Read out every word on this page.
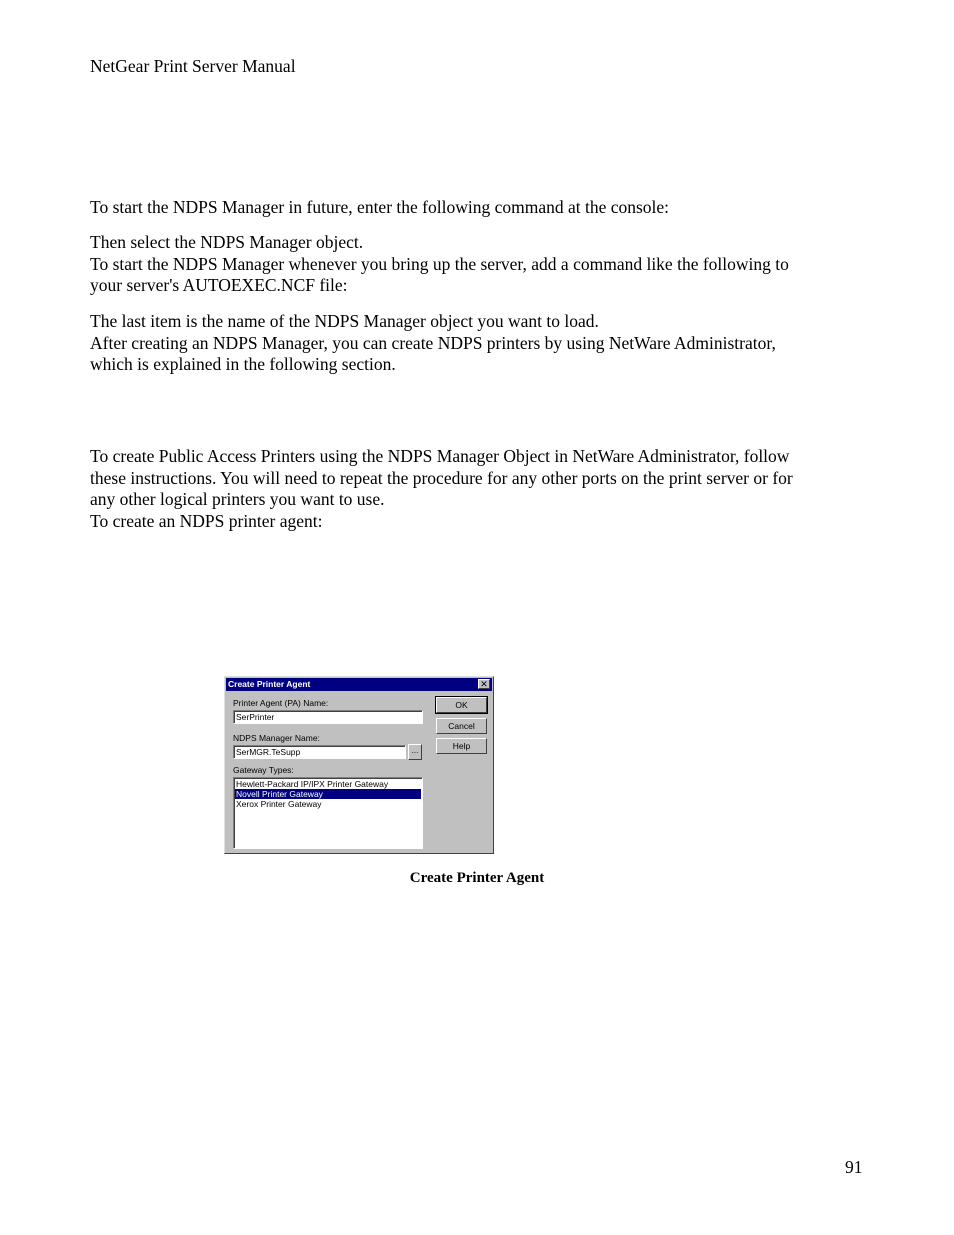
NetGear Print Server Manual
To start the NDPS Manager in future, enter the following command at the console:
Then select the NDPS Manager object.
To start the NDPS Manager whenever you bring up the server, add a command like the following to
your server's AUTOEXEC.NCF file:
The last item is the name of the NDPS Manager object you want to load.
After creating an NDPS Manager, you can create NDPS printers by using NetWare Administrator,
which is explained in the following section.
To create Public Access Printers using the NDPS Manager Object in NetWare Administrator, follow
these instructions. You will need to repeat the procedure for any other ports on the print server or for
any other logical printers you want to use.
To create an NDPS printer agent:
Create Printer Agent	✕
Printer Agent (PA) Name:
SerPrinter
NDPS Manager Name:
SerMGR.TeSupp	...
Gateway Types:
Hewlett-Packard IP/IPX Printer Gateway
Novell Printer Gateway
Xerox Printer Gateway
OK
Cancel
Help
Create Printer Agent
91
